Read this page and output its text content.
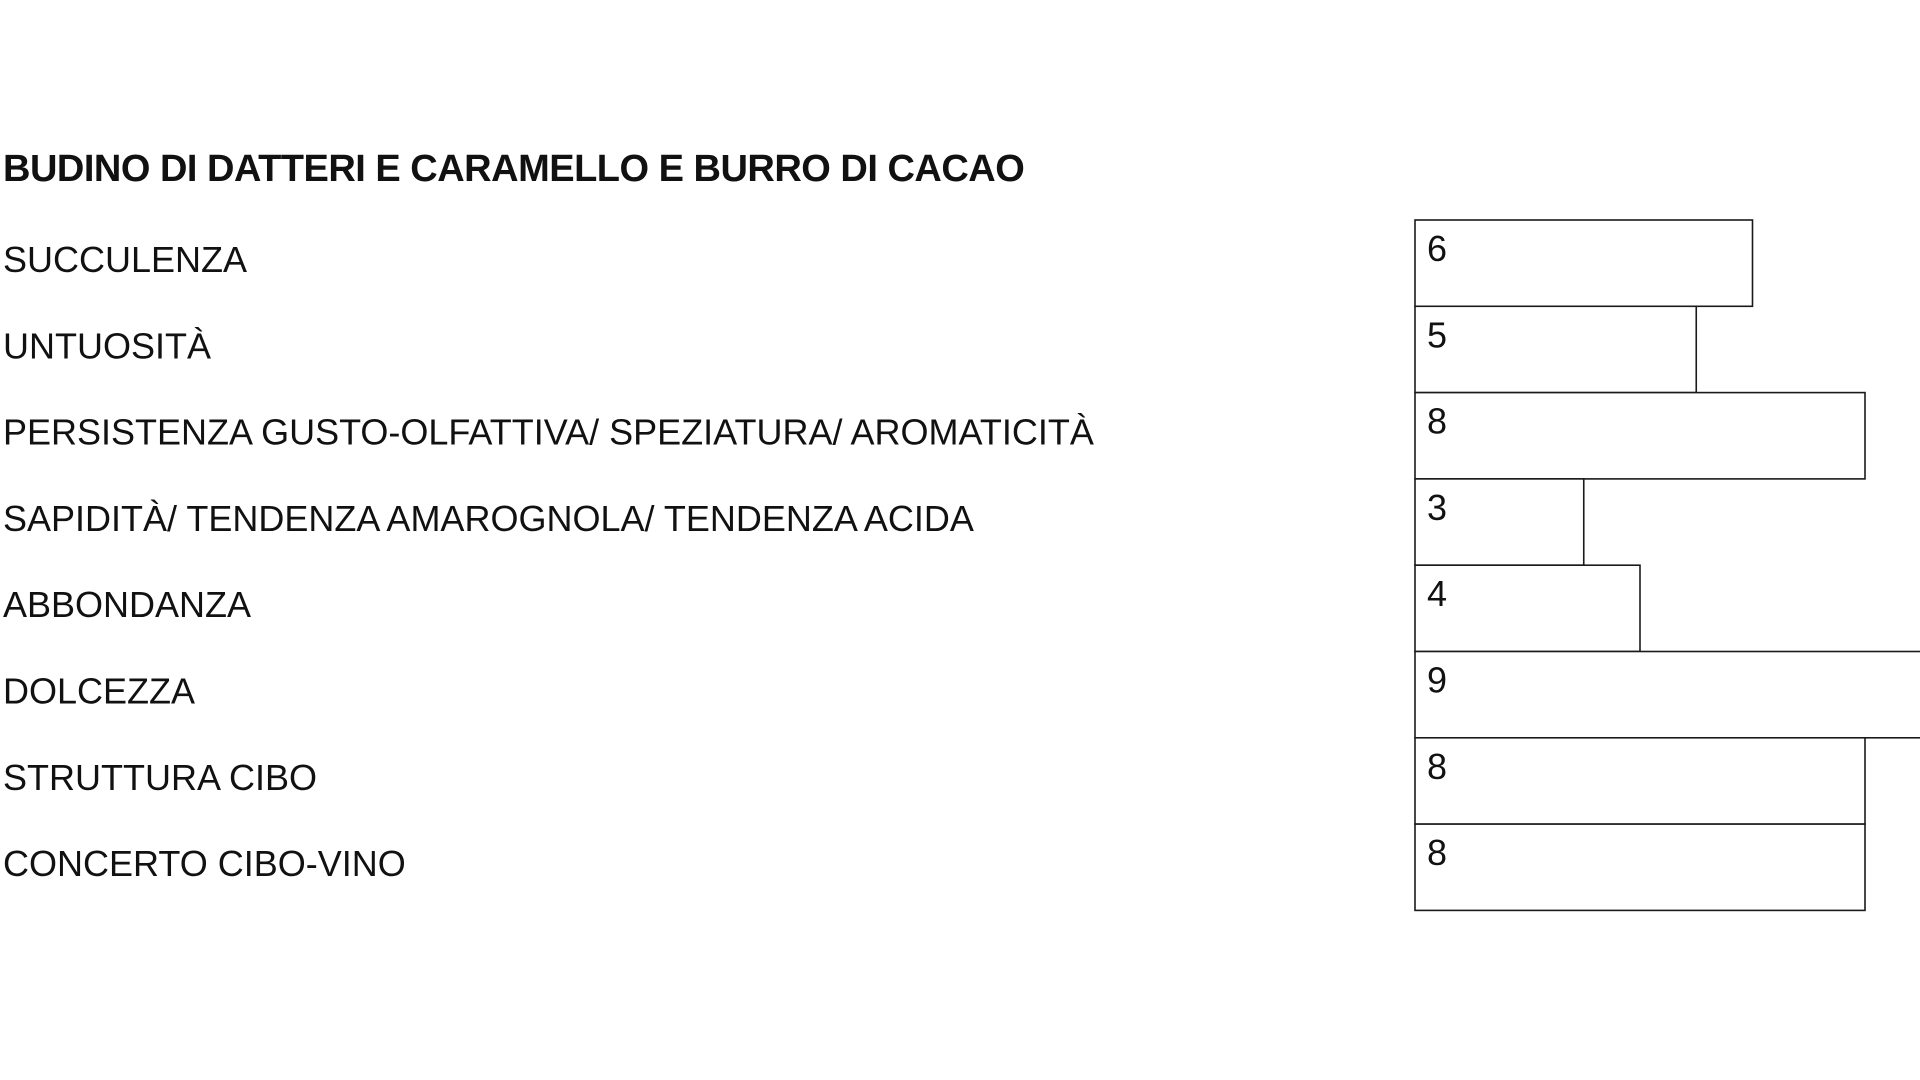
BUDINO DI DATTERI E CARAMELLO E BURRO DI CACAO
SUCCULENZA
UNTUOSITÀ
PERSISTENZA GUSTO-OLFATTIVA/ SPEZIATURA/ AROMATICITÀ
SAPIDITÀ/ TENDENZA AMAROGNOLA/ TENDENZA ACIDA
ABBONDANZA
DOLCEZZA
STRUTTURA CIBO
CONCERTO CIBO-VINO
6
5
8
3
4
9
8
8
